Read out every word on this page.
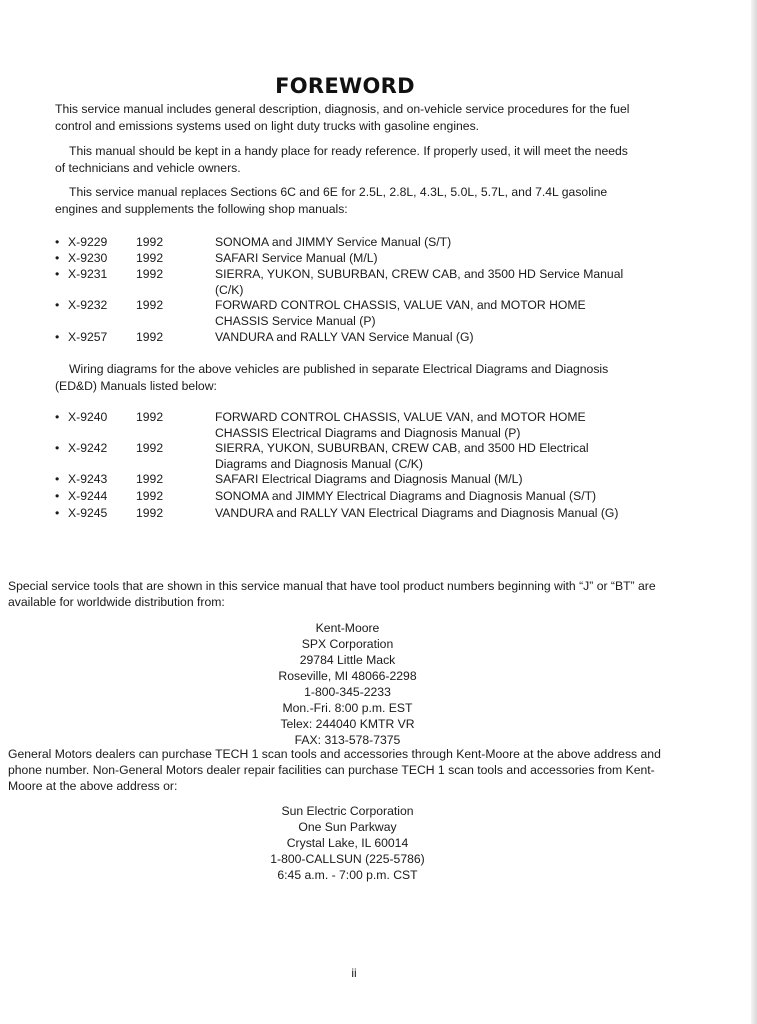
FOREWORD

This service manual includes general description, diagnosis, and on-vehicle service procedures for the fuel control and emissions systems used on light duty trucks with gasoline engines.

This manual should be kept in a handy place for ready reference. If properly used, it will meet the needs of technicians and vehicle owners.

This service manual replaces Sections 6C and 6E for 2.5L, 2.8L, 4.3L, 5.0L, 5.7L, and 7.4L gasoline engines and supplements the following shop manuals:

• X-9229 1992	SONOMA and JIMMY Service Manual (S/T)
• X-9230 1992	SAFARI Service Manual (M/L)
• X-9231 1992	SIERRA, YUKON, SUBURBAN, CREW CAB, and 3500 HD Service Manual (C/K)
• X-9232 1992	FORWARD CONTROL CHASSIS, VALUE VAN, and MOTOR HOME CHASSIS Service Manual (P)
• X-9257 1992	VANDURA and RALLY VAN Service Manual (G)

Wiring diagrams for the above vehicles are published in separate Electrical Diagrams and Diagnosis (ED&D) Manuals listed below:

• X-9240 1992	FORWARD CONTROL CHASSIS, VALUE VAN, and MOTOR HOME CHASSIS Electrical Diagrams and Diagnosis Manual (P)
• X-9242 1992	SIERRA, YUKON, SUBURBAN, CREW CAB, and 3500 HD Electrical Diagrams and Diagnosis Manual (C/K)
• X-9243 1992	SAFARI Electrical Diagrams and Diagnosis Manual (M/L)
• X-9244 1992	SONOMA and JIMMY Electrical Diagrams and Diagnosis Manual (S/T)
• X-9245 1992	VANDURA and RALLY VAN Electrical Diagrams and Diagnosis Manual (G)

Special service tools that are shown in this service manual that have tool product numbers beginning with “J” or “BT” are available for worldwide distribution from:

Kent-Moore
SPX Corporation
29784 Little Mack
Roseville, MI 48066-2298
1-800-345-2233
Mon.-Fri. 8:00 p.m. EST
Telex: 244040 KMTR VR
FAX: 313-578-7375

General Motors dealers can purchase TECH 1 scan tools and accessories through Kent-Moore at the above address and phone number. Non-General Motors dealer repair facilities can purchase TECH 1 scan tools and accessories from Kent-Moore at the above address or:

Sun Electric Corporation
One Sun Parkway
Crystal Lake, IL 60014
1-800-CALLSUN (225-5786)
6:45 a.m. - 7:00 p.m. CST
ii
